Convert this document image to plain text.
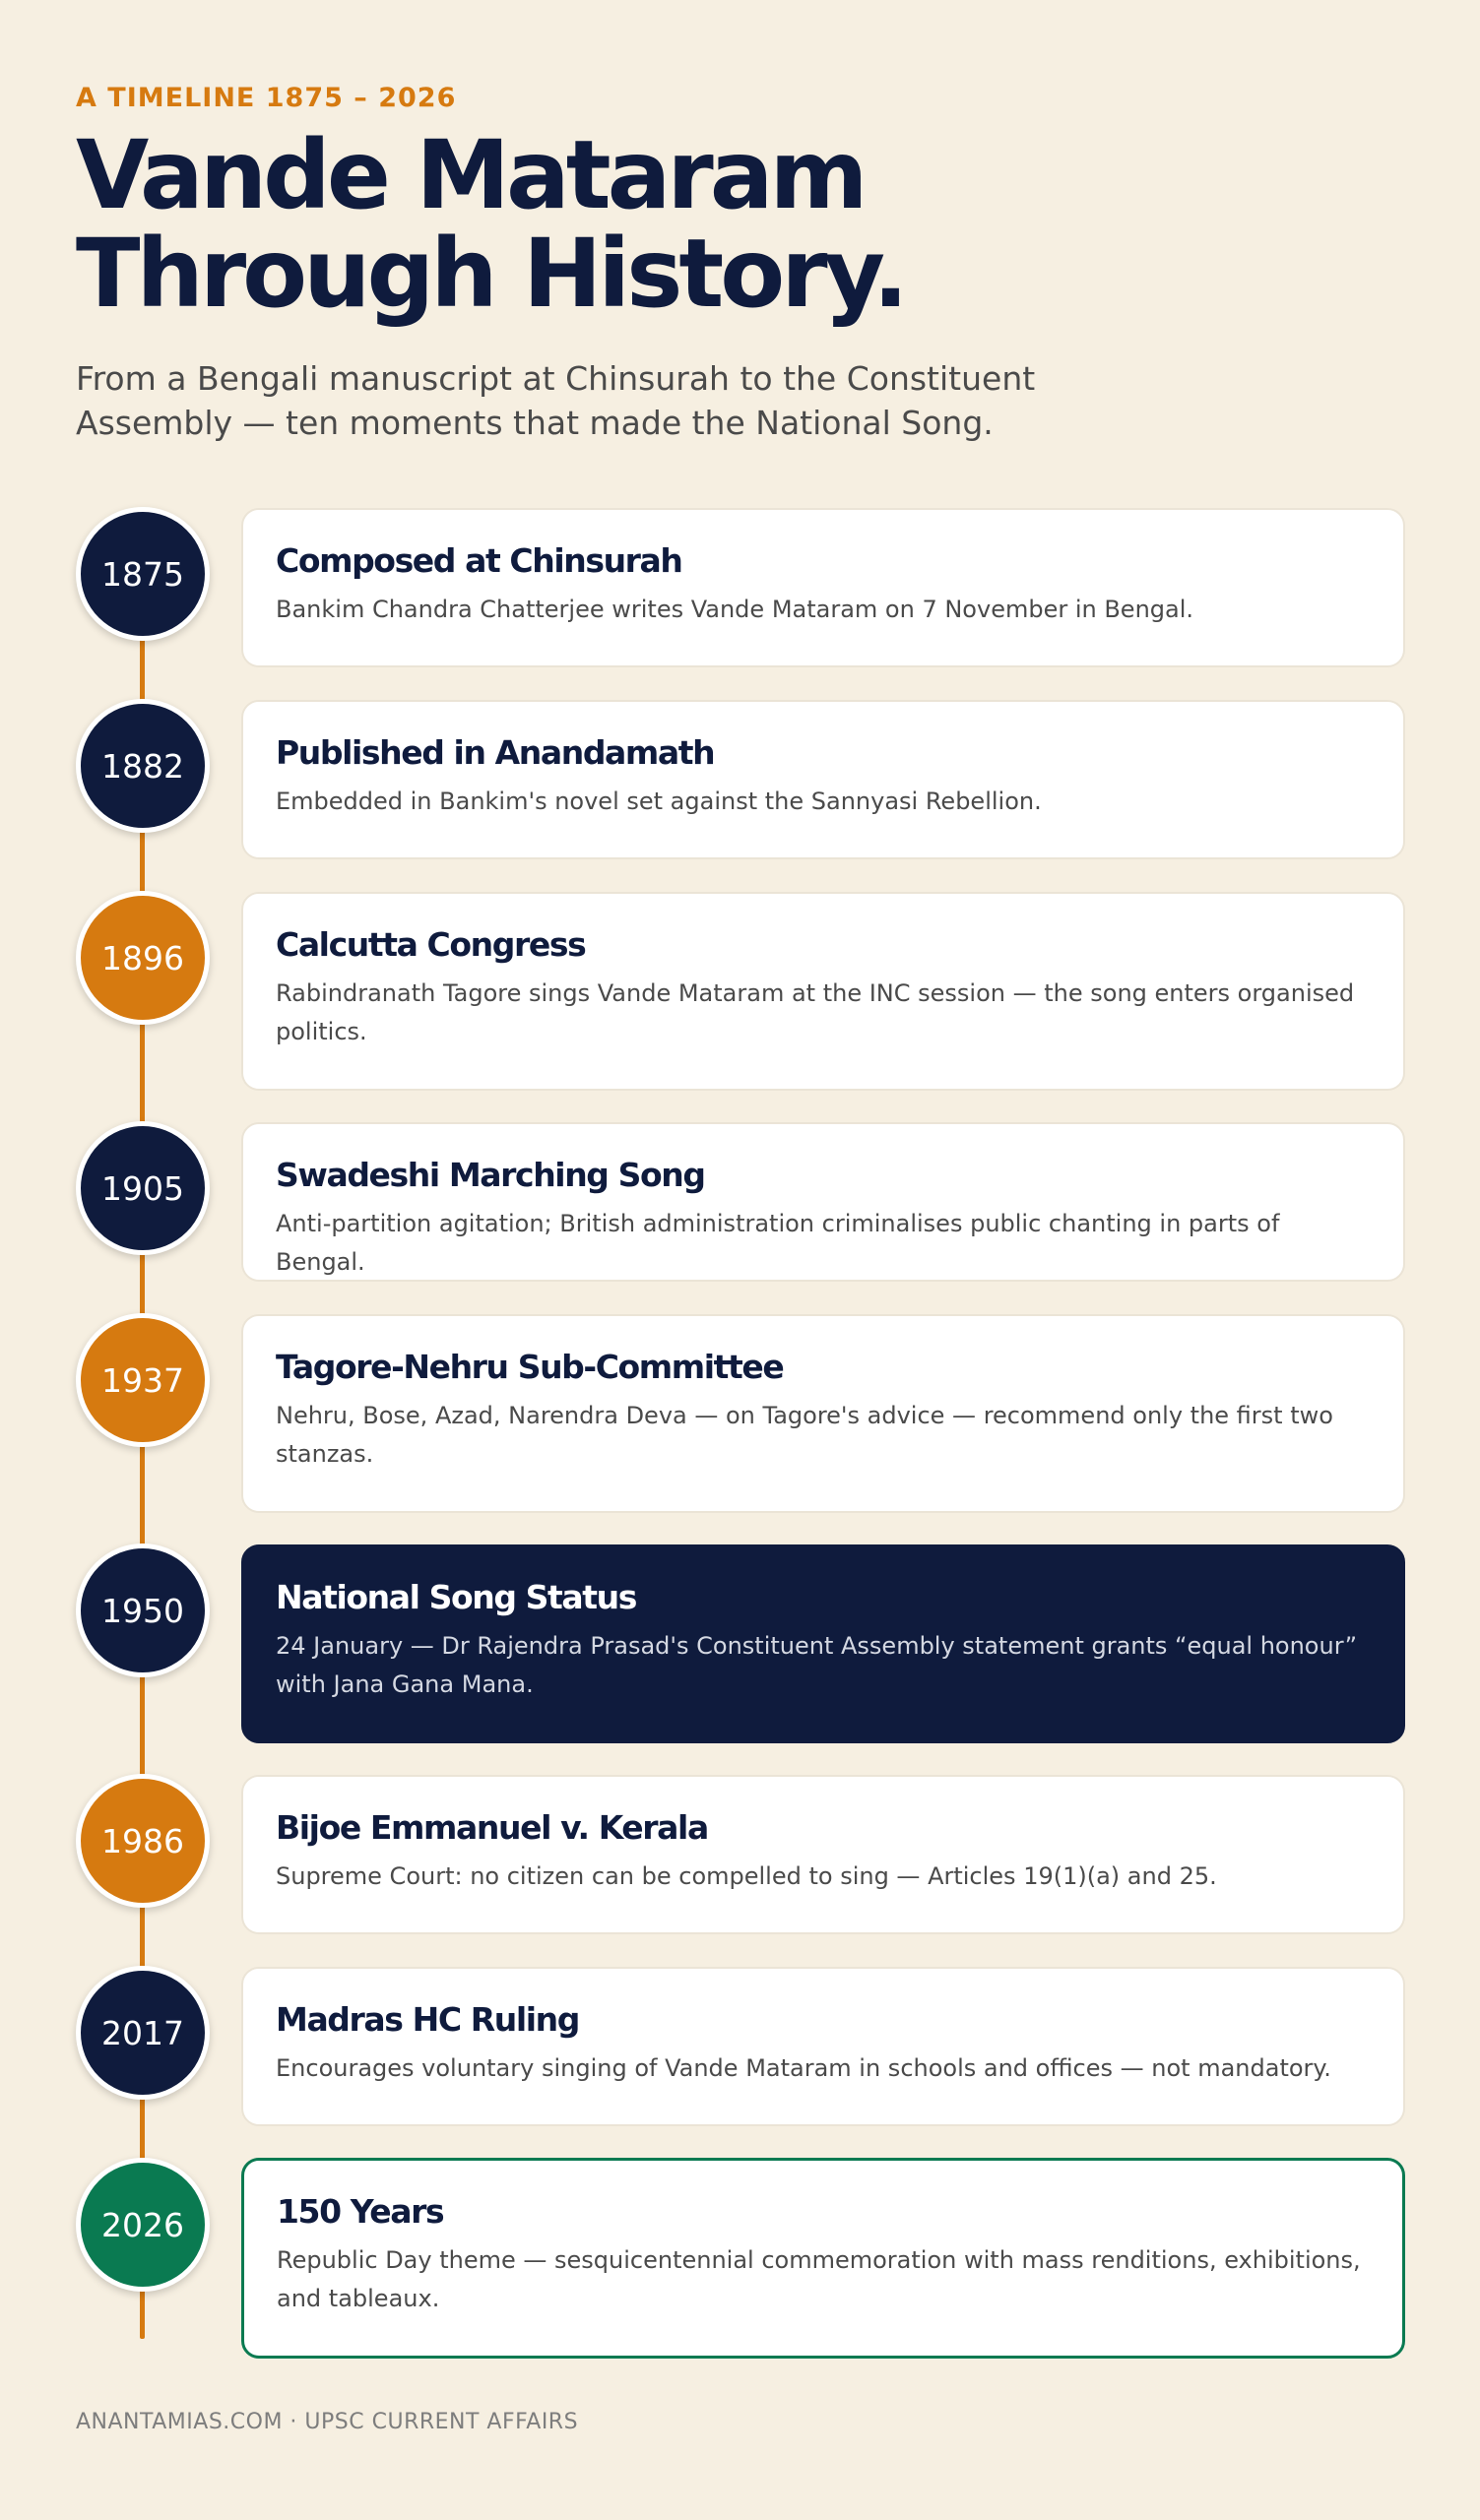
A TIMELINE 1875 – 2026
Vande Mataram
Through History.

From a Bengali manuscript at Chinsurah to the Constituent Assembly — ten moments that made the National Song.

1875	Composed at Chinsurah
Bankim Chandra Chatterjee writes Vande Mataram on 7 November in Bengal.
1882	Published in Anandamath
Embedded in Bankim's novel set against the Sannyasi Rebellion.
1896	Calcutta Congress
Rabindranath Tagore sings Vande Mataram at the INC session — the song enters organised politics.
1905	Swadeshi Marching Song
Anti-partition agitation; British administration criminalises public chanting in parts of Bengal.
1937	Tagore-Nehru Sub-Committee
Nehru, Bose, Azad, Narendra Deva — on Tagore's advice — recommend only the first two stanzas.
1950	National Song Status
24 January — Dr Rajendra Prasad's Constituent Assembly statement grants “equal honour” with Jana Gana Mana.
1986	Bijoe Emmanuel v. Kerala
Supreme Court: no citizen can be compelled to sing — Articles 19(1)(a) and 25.
2017	Madras HC Ruling
Encourages voluntary singing of Vande Mataram in schools and offices — not mandatory.
2026	150 Years
Republic Day theme — sesquicentennial commemoration with mass renditions, exhibitions, and tableaux.
ANANTAMIAS.COM · UPSC CURRENT AFFAIRS
